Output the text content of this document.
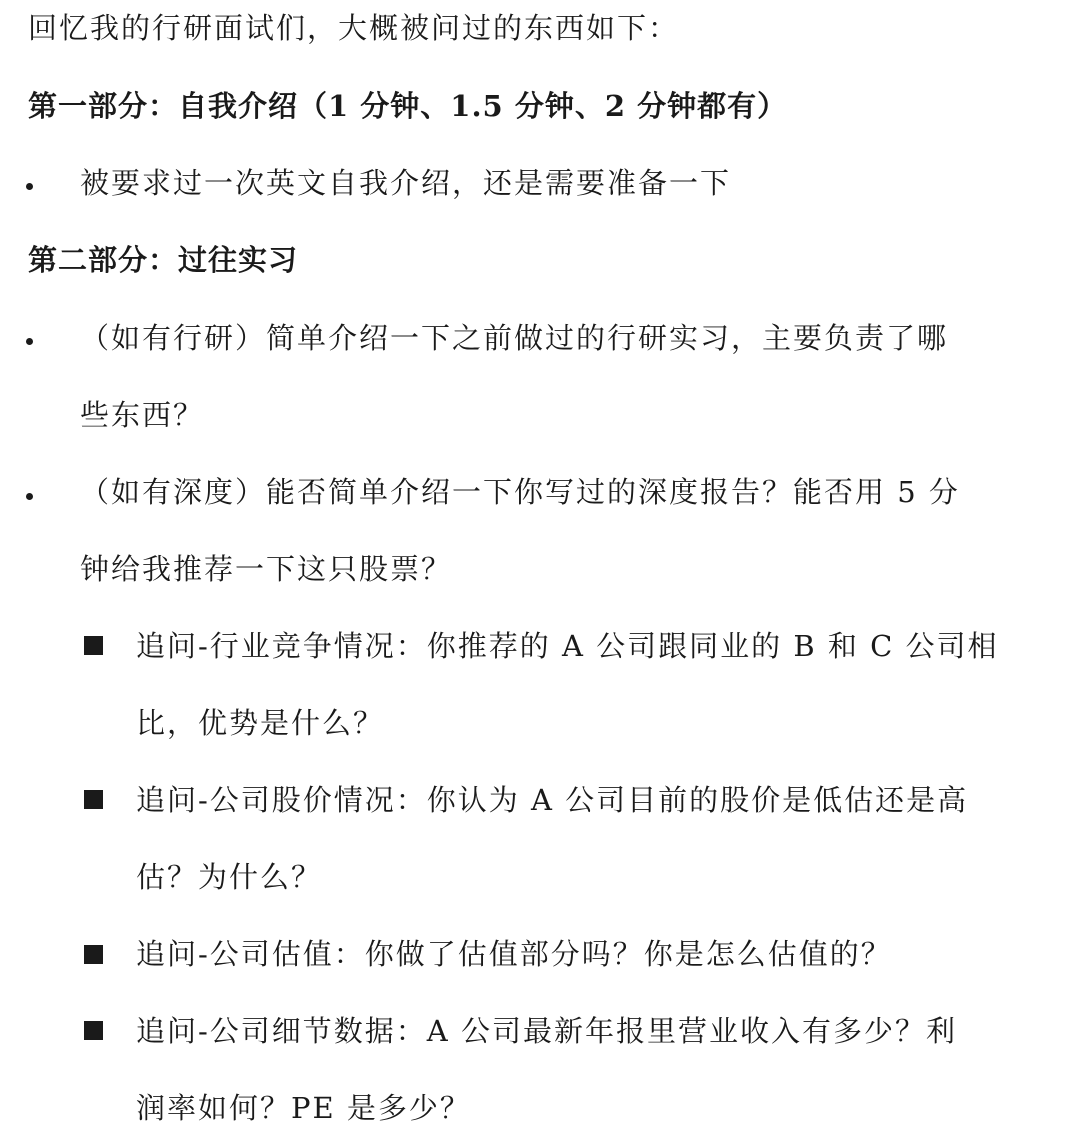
回忆我的行研面试们，大概被问过的东西如下：
第一部分：自我介绍（1 分钟、1.5 分钟、2 分钟都有）
被要求过一次英文自我介绍，还是需要准备一下
第二部分：过往实习
（如有行研）简单介绍一下之前做过的行研实习，主要负责了哪
些东西？
（如有深度）能否简单介绍一下你写过的深度报告？能否用 5 分
钟给我推荐一下这只股票？
追问-行业竞争情况：你推荐的 A 公司跟同业的 B 和 C 公司相
比，优势是什么？
追问-公司股价情况：你认为 A 公司目前的股价是低估还是高
估？为什么？
追问-公司估值：你做了估值部分吗？你是怎么估值的？
追问-公司细节数据：A 公司最新年报里营业收入有多少？利
润率如何？PE 是多少？
